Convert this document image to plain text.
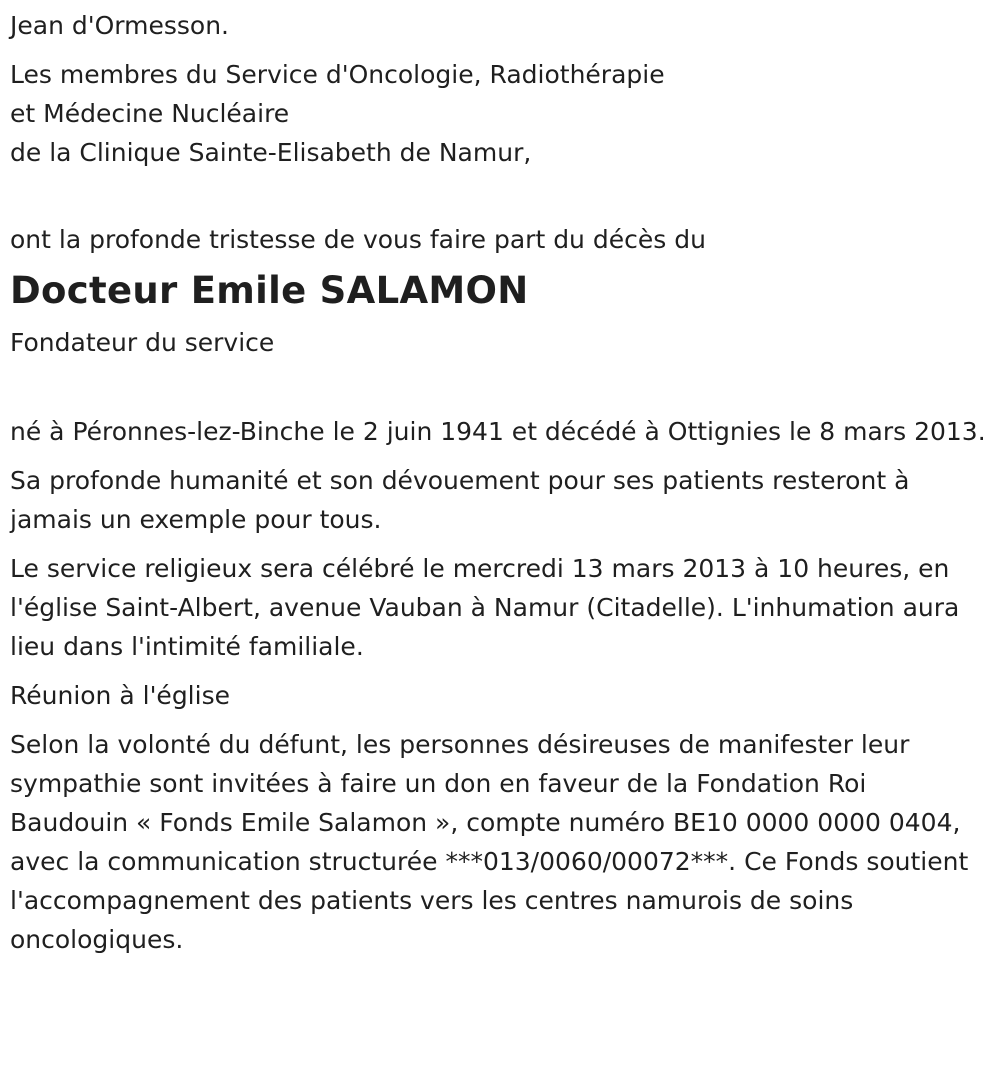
Jean d'Ormesson.

Les membres du Service d'Oncologie, Radiothérapie
et Médecine Nucléaire
de la Clinique Sainte-Elisabeth de Namur,

ont la profonde tristesse de vous faire part du décès du

Docteur Emile SALAMON

Fondateur du service

né à Péronnes-lez-Binche le 2 juin 1941 et décédé à Ottignies le 8 mars 2013.

Sa profonde humanité et son dévouement pour ses patients resteront à jamais un exemple pour tous.

Le service religieux sera célébré le mercredi 13 mars 2013 à 10 heures, en l'église Saint-Albert, avenue Vauban à Namur (Citadelle). L'inhumation aura lieu dans l'intimité familiale.

Réunion à l'église

Selon la volonté du défunt, les personnes désireuses de manifester leur sympathie sont invitées à faire un don en faveur de la Fondation Roi Baudouin « Fonds Emile Salamon », compte numéro BE10 0000 0000 0404, avec la communication structurée ***013/0060/00072***. Ce Fonds soutient l'accompagnement des patients vers les centres namurois de soins oncologiques.
